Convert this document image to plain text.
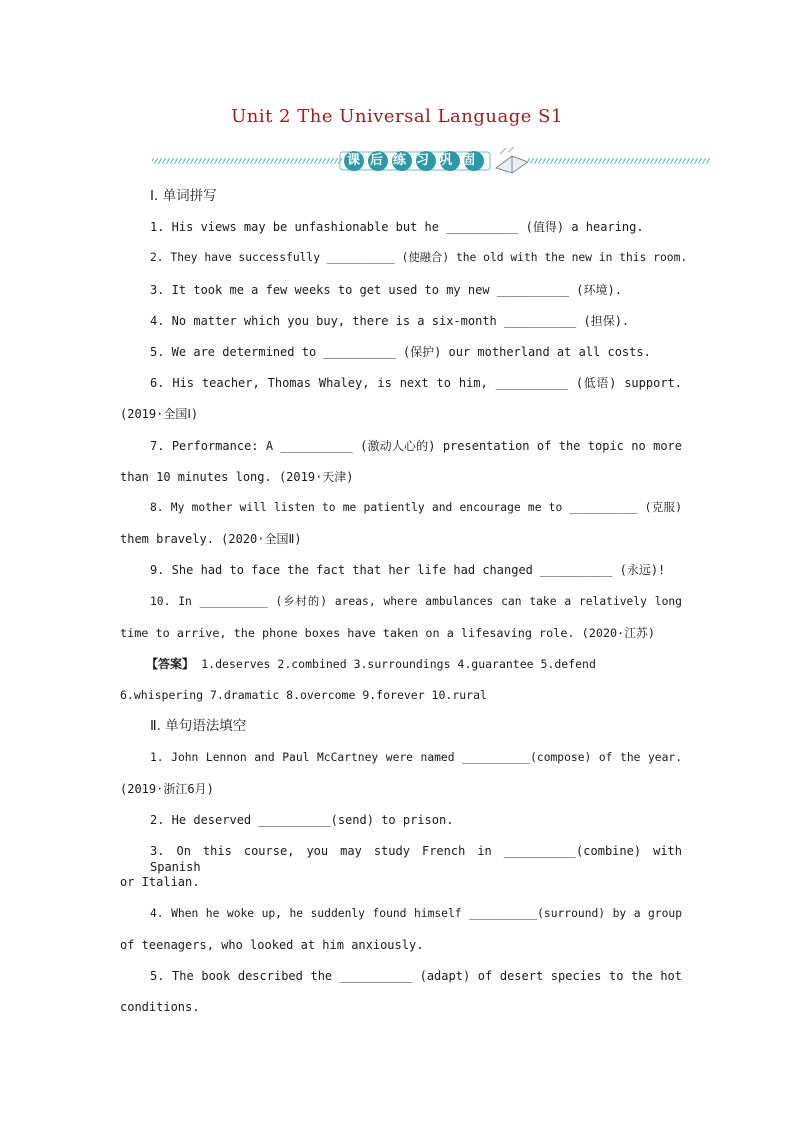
Unit 2 The Universal Language S1
课后练习巩固
Ⅰ. 单词拼写
1. His views may be unfashionable but he __________ (值得) a hearing.
2. They have successfully __________ (使融合) the old with the new in this room.
3. It took me a few weeks to get used to my new __________ (环境).
4. No matter which you buy, there is a six-month __________ (担保).
5. We are determined to __________ (保护) our motherland at all costs.
6. His teacher, Thomas Whaley, is next to him, __________ (低语) support.
(2019·全国Ⅰ)
7. Performance: A __________ (激动人心的) presentation of the topic no more
than 10 minutes long. (2019·天津)
8. My mother will listen to me patiently and encourage me to __________ (克服)
them bravely. (2020·全国Ⅱ)
9. She had to face the fact that her life had changed __________ (永远)!
10. In __________ (乡村的) areas, where ambulances can take a relatively long
time to arrive, the phone boxes have taken on a lifesaving role. (2020·江苏)
【答案】 1.deserves 2.combined 3.surroundings 4.guarantee 5.defend
6.whispering 7.dramatic 8.overcome 9.forever 10.rural
Ⅱ. 单句语法填空
1. John Lennon and Paul McCartney were named __________(compose) of the year.
(2019·浙江6月)
2. He deserved __________(send) to prison.
3. On this course, you may study French in __________(combine) with Spanish
or Italian.
4. When he woke up, he suddenly found himself __________(surround) by a group
of teenagers, who looked at him anxiously.
5. The book described the __________ (adapt) of desert species to the hot
conditions.
